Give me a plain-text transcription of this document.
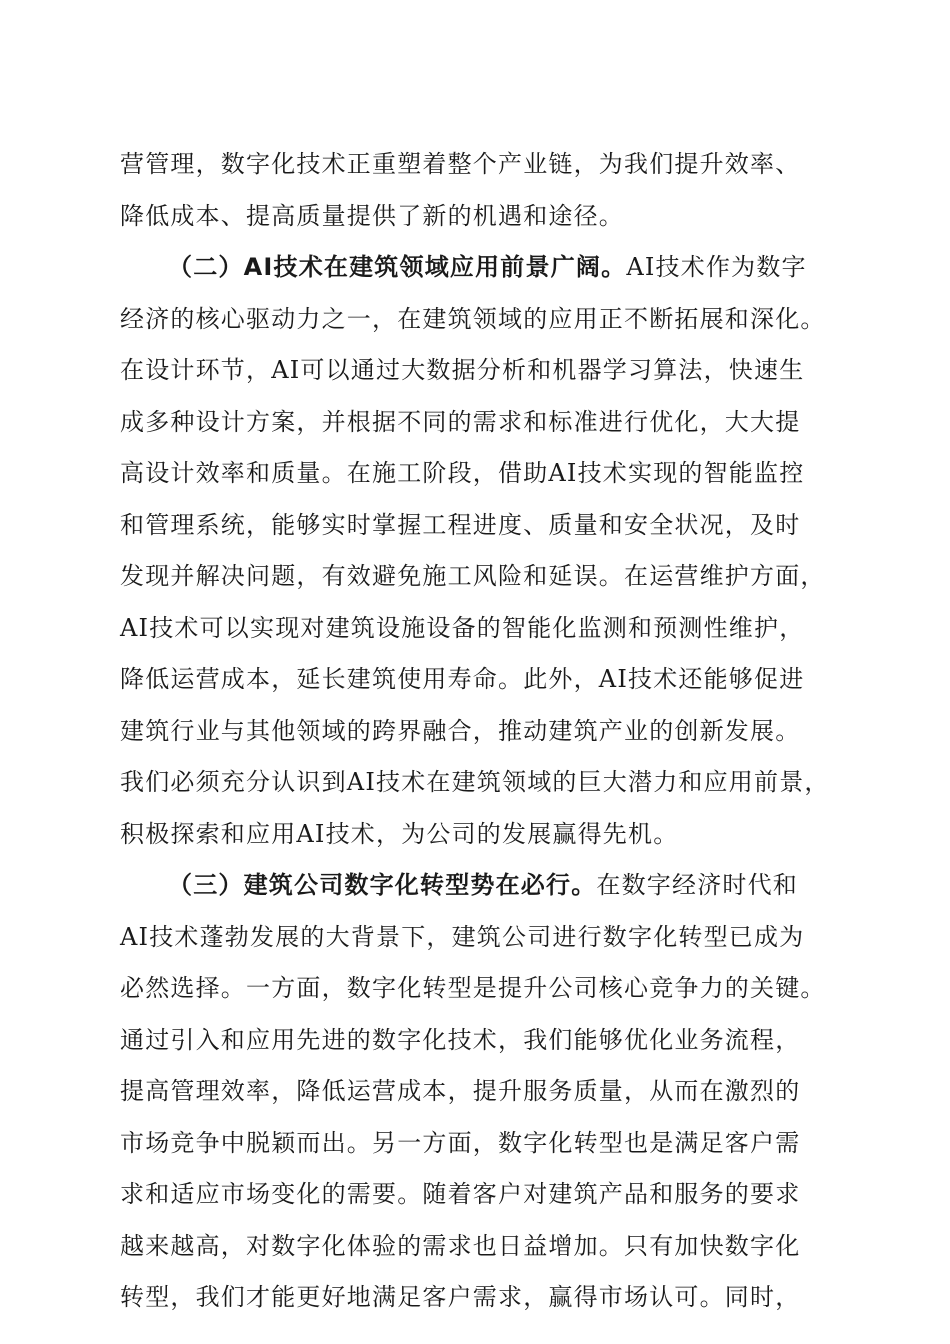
营管理，数字化技术正重塑着整个产业链，为我们提升效率、
降低成本、提高质量提供了新的机遇和途径。
（二）AI技术在建筑领域应用前景广阔。AI技术作为数字
经济的核心驱动力之一，在建筑领域的应用正不断拓展和深化。
在设计环节，AI可以通过大数据分析和机器学习算法，快速生
成多种设计方案，并根据不同的需求和标准进行优化，大大提
高设计效率和质量。在施工阶段，借助AI技术实现的智能监控
和管理系统，能够实时掌握工程进度、质量和安全状况，及时
发现并解决问题，有效避免施工风险和延误。在运营维护方面，
AI技术可以实现对建筑设施设备的智能化监测和预测性维护，
降低运营成本，延长建筑使用寿命。此外，AI技术还能够促进
建筑行业与其他领域的跨界融合，推动建筑产业的创新发展。
我们必须充分认识到AI技术在建筑领域的巨大潜力和应用前景，
积极探索和应用AI技术，为公司的发展赢得先机。
（三）建筑公司数字化转型势在必行。在数字经济时代和
AI技术蓬勃发展的大背景下，建筑公司进行数字化转型已成为
必然选择。一方面，数字化转型是提升公司核心竞争力的关键。
通过引入和应用先进的数字化技术，我们能够优化业务流程，
提高管理效率，降低运营成本，提升服务质量，从而在激烈的
市场竞争中脱颖而出。另一方面，数字化转型也是满足客户需
求和适应市场变化的需要。随着客户对建筑产品和服务的要求
越来越高，对数字化体验的需求也日益增加。只有加快数字化
转型，我们才能更好地满足客户需求，赢得市场认可。同时，
